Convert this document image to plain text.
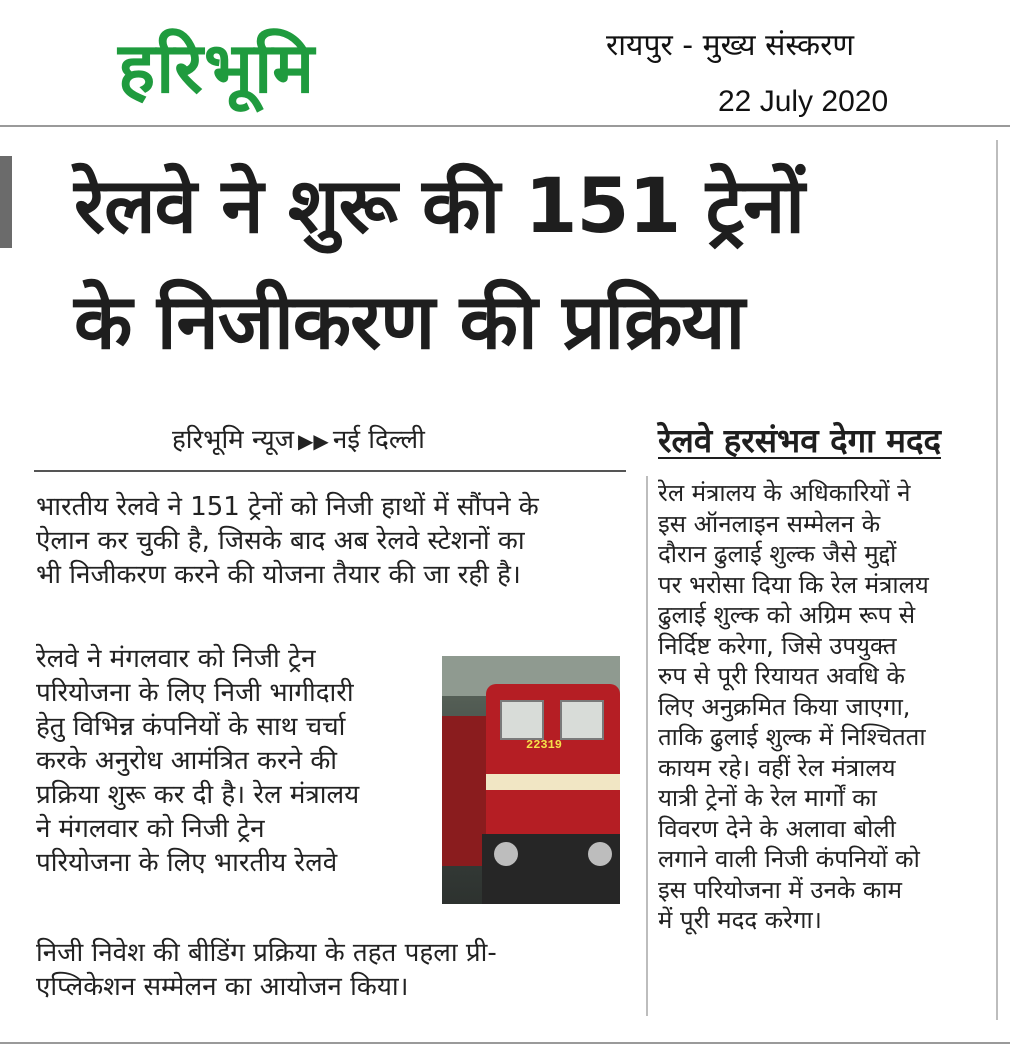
हरिभूमि	रायपुर - मुख्य संस्करण
22 July 2020
रेलवे ने शुरू की 151 ट्रेनों
के निजीकरण की प्रक्रिया
हरिभूमि न्यूज ▶▶ नई दिल्ली
भारतीय रेलवे ने 151 ट्रेनों को निजी हाथों में सौंपने के
ऐलान कर चुकी है, जिसके बाद अब रेलवे स्टेशनों का
भी निजीकरण करने की योजना तैयार की जा रही है।
रेलवे ने मंगलवार को निजी ट्रेन
परियोजना के लिए निजी भागीदारी
हेतु विभिन्न कंपनियों के साथ चर्चा
करके अनुरोध आमंत्रित करने की
प्रक्रिया शुरू कर दी है। रेल मंत्रालय
ने मंगलवार को निजी ट्रेन
परियोजना के लिए भारतीय रेलवे
22319
निजी निवेश की बीडिंग प्रक्रिया के तहत पहला प्री-
एप्लिकेशन सम्मेलन का आयोजन किया।
रेलवे हरसंभव देगा मदद
रेल मंत्रालय के अधिकारियों ने
इस ऑनलाइन सम्मेलन के
दौरान ढुलाई शुल्क जैसे मुद्दों
पर भरोसा दिया कि रेल मंत्रालय
ढुलाई शुल्क को अग्रिम रूप से
निर्दिष्ट करेगा, जिसे उपयुक्त
रुप से पूरी रियायत अवधि के
लिए अनुक्रमित किया जाएगा,
ताकि ढुलाई शुल्क में निश्चितता
कायम रहे। वहीं रेल मंत्रालय
यात्री ट्रेनों के रेल मार्गों का
विवरण देने के अलावा बोली
लगाने वाली निजी कंपनियों को
इस परियोजना में उनके काम
में पूरी मदद करेगा।
